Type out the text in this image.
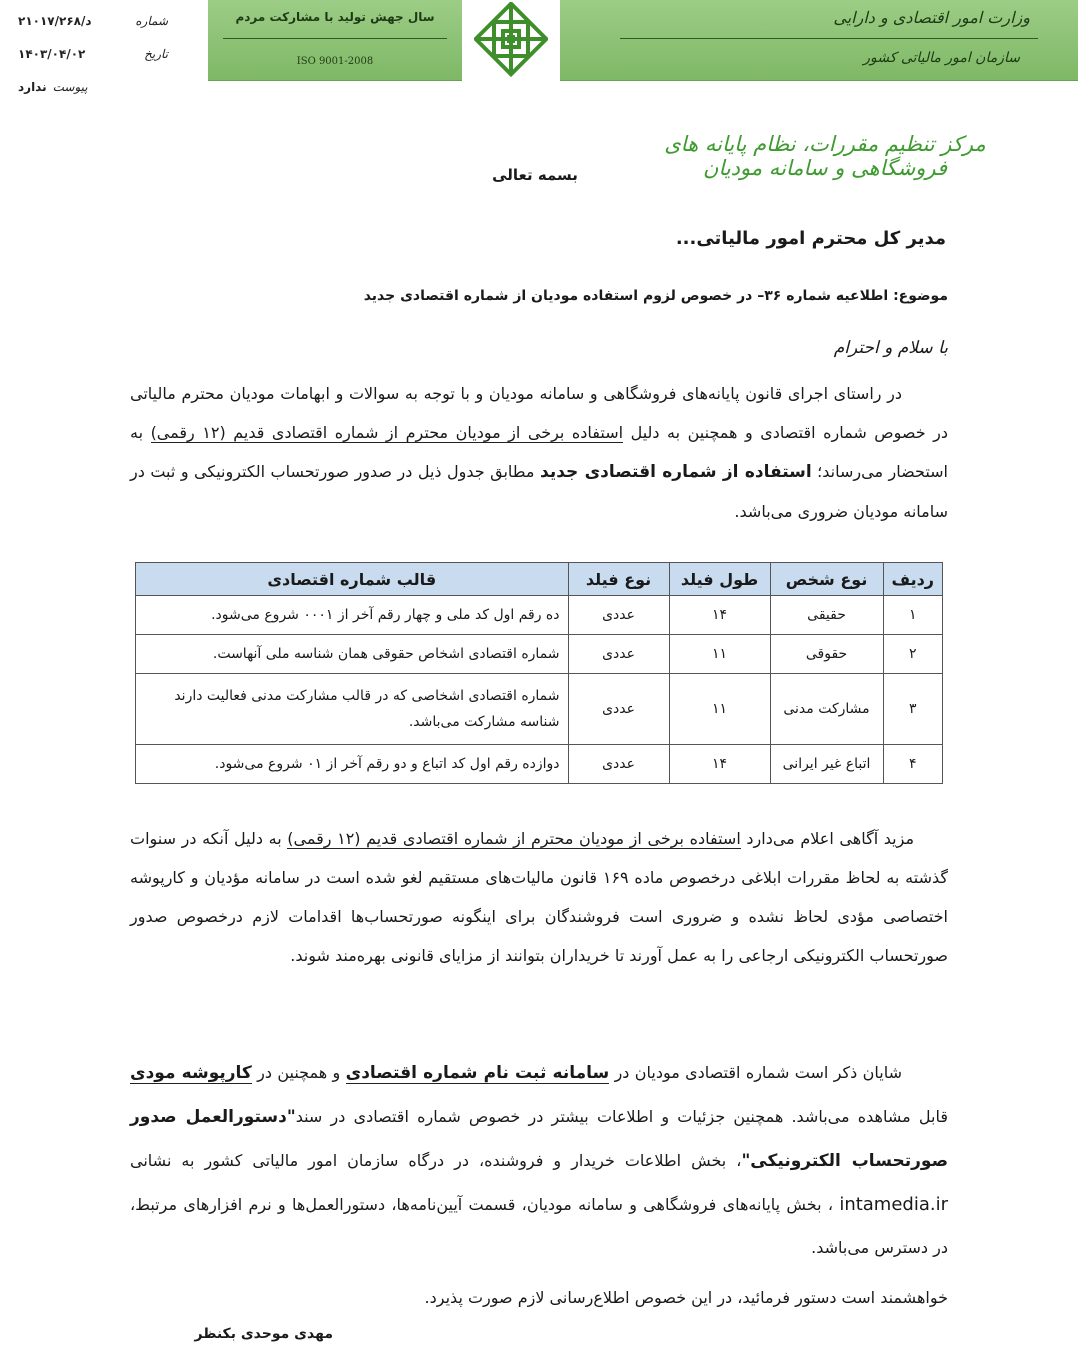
وزارت امور اقتصادی و دارایی
سازمان امور مالیاتی کشور
سال جهش تولید با مشارکت مردم
ISO 9001-2008
شماره
۲۱۰۱۷/۲۶۸/د
تاریخ
۱۴۰۳/۰۴/۰۲
پیوست
ندارد
مرکز تنظیم مقررات، نظام پایانه های فروشگاهی و سامانه مودیان
بسمه تعالی
مدیر کل محترم امور مالیاتی...
موضوع: اطلاعیه شماره ۳۶– در خصوص لزوم استفاده مودیان از شماره اقتصادی جدید
با سلام و احترام
در راستای اجرای قانون پایانه‌های فروشگاهی و سامانه مودیان و با توجه به سوالات و ابهامات مودیان محترم مالیاتی در خصوص شماره اقتصادی و همچنین به دلیل استفاده برخی از مودیان محترم از شماره اقتصادی قدیم (۱۲ رقمی) به استحضار می‌رساند؛ استفاده از شماره اقتصادی جدید مطابق جدول ذیل در صدور صورتحساب الکترونیکی و ثبت در سامانه مودیان ضروری می‌باشد.
ردیف	نوع شخص	طول فیلد	نوع فیلد	قالب شماره اقتصادی
۱	حقیقی	۱۴	عددی	ده رقم اول کد ملی و چهار رقم آخر از ۰۰۰۱ شروع می‌شود.
۲	حقوقی	۱۱	عددی	شماره اقتصادی اشخاص حقوقی همان شناسه ملی آنهاست.
۳	مشارکت مدنی	۱۱	عددی	شماره اقتصادی اشخاصی که در قالب مشارکت مدنی فعالیت دارند شناسه مشارکت می‌باشد.
۴	اتباع غیر ایرانی	۱۴	عددی	دوازده رقم اول کد اتباع و دو رقم آخر از ۰۱ شروع می‌شود.
مزید آگاهی اعلام می‌دارد استفاده برخی از مودیان محترم از شماره اقتصادی قدیم (۱۲ رقمی) به دلیل آنکه در سنوات گذشته به لحاظ مقررات ابلاغی درخصوص ماده ۱۶۹ قانون مالیات‌های مستقیم لغو شده است در سامانه مؤدیان و کارپوشه اختصاصی مؤدی لحاظ نشده و ضروری است فروشندگان برای اینگونه صورتحساب‌ها اقدامات لازم درخصوص صدور صورتحساب الکترونیکی ارجاعی را به عمل آورند تا خریداران بتوانند از مزایای قانونی بهره‌مند شوند.
شایان ذکر است شماره اقتصادی مودیان در سامانه ثبت نام شماره اقتصادی و همچنین در کارپوشه مودی قابل مشاهده می‌باشد. همچنین جزئیات و اطلاعات بیشتر در خصوص شماره اقتصادی در سند"دستورالعمل صدور صورتحساب الکترونیکی"، بخش اطلاعات خریدار و فروشنده، در درگاه سازمان امور مالیاتی کشور به نشانی intamedia.ir ، بخش پایانه‌های فروشگاهی و سامانه مودیان، قسمت آیین‌نامه‌ها، دستورالعمل‌ها و نرم افزارهای مرتبط، در دسترس می‌باشد.
خواهشمند است دستور فرمائید، در این خصوص اطلاع‌رسانی لازم صورت پذیرد.
مهدی موحدی بکنظر
